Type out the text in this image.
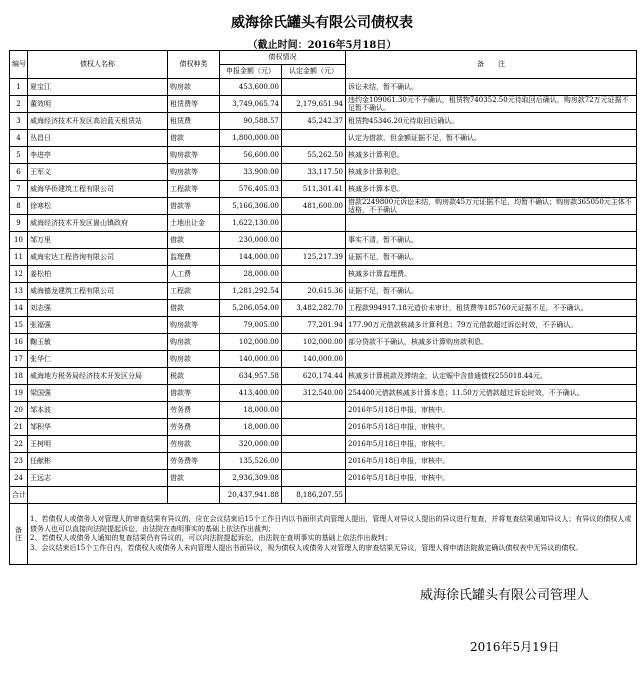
威海徐氏罐头有限公司债权表
（截止时间：2016年5月18日）
编号	债权人名称	债权种类	债权情况		备　　注
			申报金额（元）	认定金额（元）	
1	夏宝江	购房款	453,600.00		诉讼未结，暂不确认。
2	董效明	租赁费等	3,749,065.74	2,179,651.94	违约金109061.30元不予确认，租赁物740352.50元待取回后确认，购房款72万元证据不足暂不确认。
3	威海经济技术开发区高泊蓝天租赁站	租赁费	90,588.57	45,242.37	租赁物45346.20元待取回后确认。
4	丛昌日	借款	1,800,000.00		认定为借款，但金额证据不足，暂不确认。
5	李进亭	购房款等	56,600.00	55,262.50	核减多计算利息。
6	王军义	购房款等	33,900.00	33,117.50	核减多计算利息。
7	威海华侨建筑工程有限公司	工程款等	576,405.03	511,301.41	核减多计算本息。
8	徐寒松	借款等	5,166,306.00	481,600.00	借款2249800元诉讼未结，购房款45万元证据不足，均暂不确认；购房款365050元主体不适格，不予确认
9	威海经济技术开发区崮山镇政府	土地出让金	1,622,130.00		
10	邹万里	借款	230,000.00		事实不清，暂不确认。
11	威海宏达工程咨询有限公司	监理费	144,000.00	125,217.39	证据不足，暂不确认。
12	姜松柏	人工费	28,000.00		核减多计算监理费。
13	威海德龙建筑工程有限公司	工程款	1,281,292.54	20,615.36	证据不足，暂不确认。
14	刘志强	借款	5,206,054.00	3,482,282.70	工程款994917.18元造价未审计，租赁费等185760元证据不足，不予确认。
15	张福强	购房款等	79,005.00	77,201.94	177.90万元借款核减多计算利息；79万元借款超过诉讼时效，不予确认。
16	鞠玉敏	购房款	102,000.00	102,000.00	部分贷款不予确认，核减多计算购房款利息。
17	张华仁	购房款	140,000.00	140,000.00	
18	威海地方税务局经济技术开发区分局	税款	634,957.58	620,174.44	核减多计算税款及滞纳金，认定赈中含普通债权255018.44元。
19	梁国强	借款等	413,400.00	312,540.00	254400元借款核减多计算本息；11.50万元借款超过诉讼时效，不予确认。
20	邹本波	劳务费	18,000.00		2016年5月18日申报，审核中。
21	邹积华	劳务费	18,000.00		2016年5月18日申报，审核中。
22	王树明	劳房款	320,000.00		2016年5月18日申报，审核中。
23	任献彬	劳务费等	135,526.00		2016年5月18日申报，审核中。
24	王远志	借款	2,936,309.08		2016年5月18日申报，审核中。
合计			20,437,941.88	8,186,207.55	
备注	1、若债权人或债务人对管理人的审查结果有异议的，应在会议结束后15个工作日内以书面形式向管理人提出，管理人对异议人提出的异议进行复查，并将复查结果通知异议人；有异议的债权人或债务人也可以直接向法院提起诉讼，由法院在查明事实的基础上依法作出裁判；
2、若债权人或债务人通知的复查结果仍有异议的，可以向法院提起诉讼，由法院在查明事实的基础上依法作出裁判；
3、会议结束后15个工作日内，若债权人或债务人未向管理人提出书面异议，视为债权人或债务人对管理人的审查结果无异议，管理人将申请法院裁定确认债权表中无异议的债权。				
威海徐氏罐头有限公司管理人
2016年5月19日
